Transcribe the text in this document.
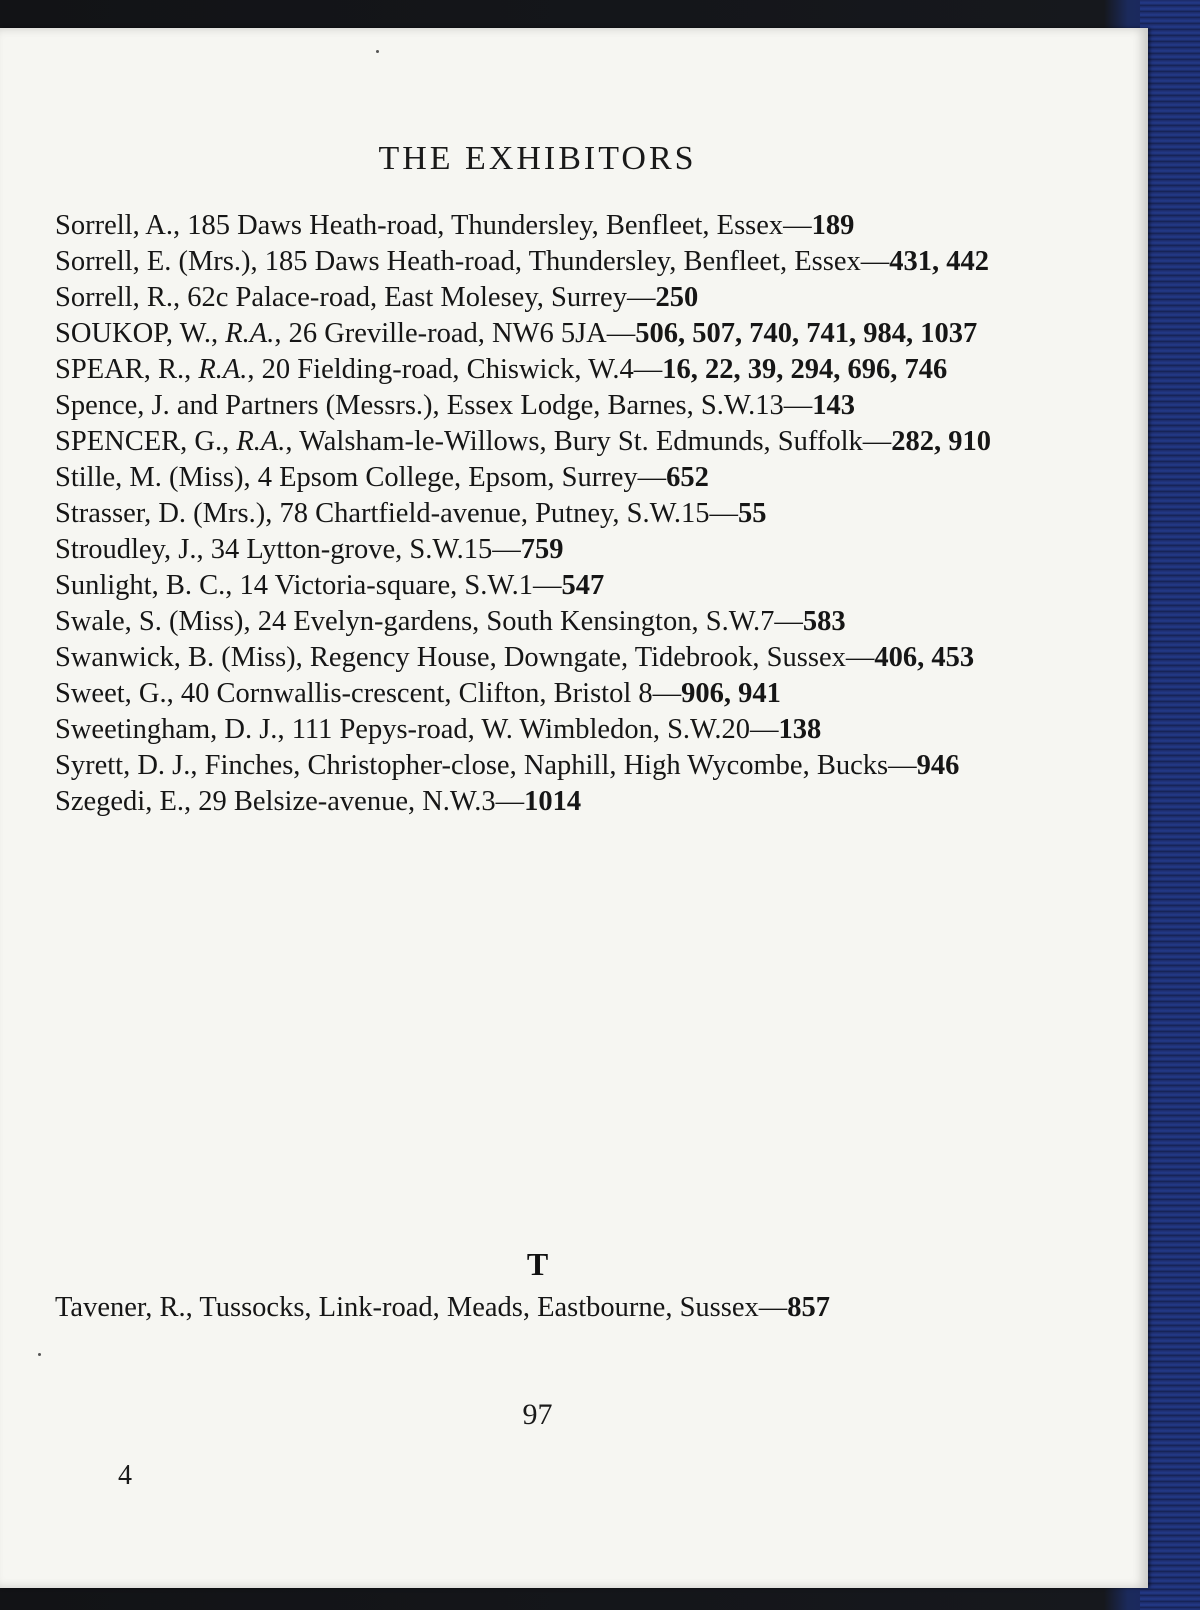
THE EXHIBITORS
Sorrell, A., 185 Daws Heath-road, Thundersley, Benfleet, Essex—189
Sorrell, E. (Mrs.), 185 Daws Heath-road, Thundersley, Benfleet, Essex—431, 442
Sorrell, R., 62c Palace-road, East Molesey, Surrey—250
SOUKOP, W., R.A., 26 Greville-road, NW6 5JA—506, 507, 740, 741, 984, 1037
SPEAR, R., R.A., 20 Fielding-road, Chiswick, W.4—16, 22, 39, 294, 696, 746
Spence, J. and Partners (Messrs.), Essex Lodge, Barnes, S.W.13—143
SPENCER, G., R.A., Walsham-le-Willows, Bury St. Edmunds, Suffolk—282, 910
Stille, M. (Miss), 4 Epsom College, Epsom, Surrey—652
Strasser, D. (Mrs.), 78 Chartfield-avenue, Putney, S.W.15—55
Stroudley, J., 34 Lytton-grove, S.W.15—759
Sunlight, B. C., 14 Victoria-square, S.W.1—547
Swale, S. (Miss), 24 Evelyn-gardens, South Kensington, S.W.7—583
Swanwick, B. (Miss), Regency House, Downgate, Tidebrook, Sussex—406, 453
Sweet, G., 40 Cornwallis-crescent, Clifton, Bristol 8—906, 941
Sweetingham, D. J., 111 Pepys-road, W. Wimbledon, S.W.20—138
Syrett, D. J., Finches, Christopher-close, Naphill, High Wycombe, Bucks—946
Szegedi, E., 29 Belsize-avenue, N.W.3—1014
T
Tavener, R., Tussocks, Link-road, Meads, Eastbourne, Sussex—857
97
4
